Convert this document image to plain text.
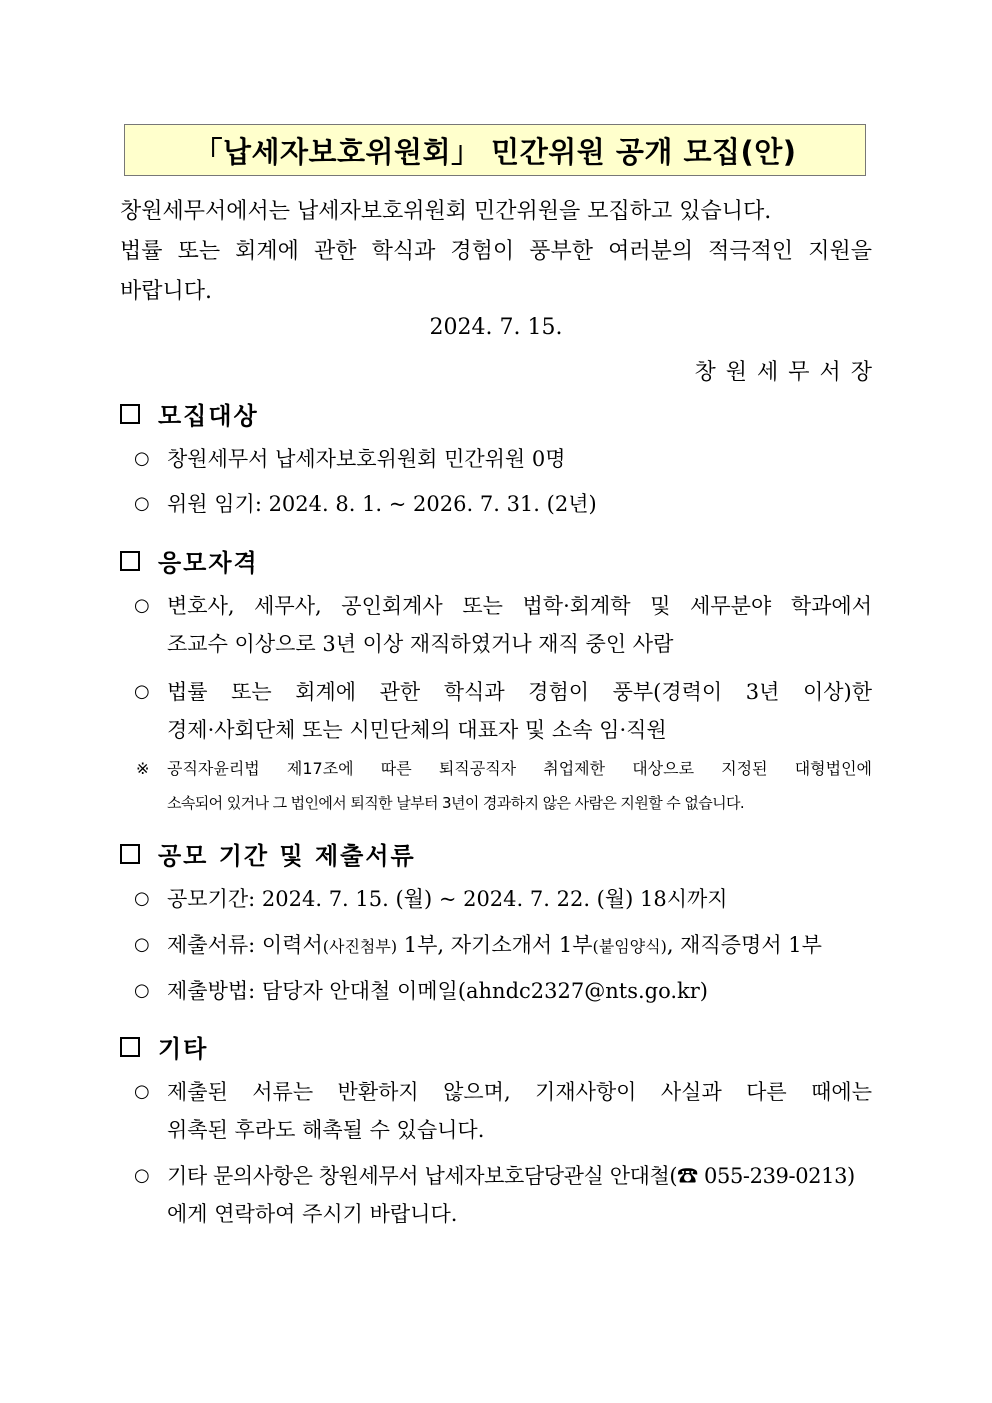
「납세자보호위원회」 민간위원 공개 모집(안)
창원세무서에서는 납세자보호위원회 민간위원을 모집하고 있습니다.
법률 또는 회계에 관한 학식과 경험이 풍부한 여러분의 적극적인 지원을
바랍니다.
2024. 7. 15.
창원세무서장
모집대상
○ 창원세무서 납세자보호위원회 민간위원 0명
○ 위원 임기: 2024. 8. 1. ~ 2026. 7. 31. (2년)
응모자격
○ 변호사, 세무사, 공인회계사 또는 법학·회계학 및 세무분야 학과에서
조교수 이상으로 3년 이상 재직하였거나 재직 중인 사람
○ 법률 또는 회계에 관한 학식과 경험이 풍부(경력이 3년 이상)한
경제·사회단체 또는 시민단체의 대표자 및 소속 임·직원
※ 공직자윤리법 제17조에 따른 퇴직공직자 취업제한 대상으로 지정된 대형법인에
소속되어 있거나 그 법인에서 퇴직한 날부터 3년이 경과하지 않은 사람은 지원할 수 없습니다.
공모 기간 및 제출서류
○ 공모기간: 2024. 7. 15. (월) ~ 2024. 7. 22. (월) 18시까지
○ 제출서류: 이력서(사진첨부) 1부, 자기소개서 1부(붙임양식), 재직증명서 1부
○ 제출방법: 담당자 안대철 이메일(ahndc2327@nts.go.kr)
기타
○ 제출된 서류는 반환하지 않으며, 기재사항이 사실과 다른 때에는
위촉된 후라도 해촉될 수 있습니다.
○ 기타 문의사항은 창원세무서 납세자보호담당관실 안대철(☎ 055-239-0213)
에게 연락하여 주시기 바랍니다.
